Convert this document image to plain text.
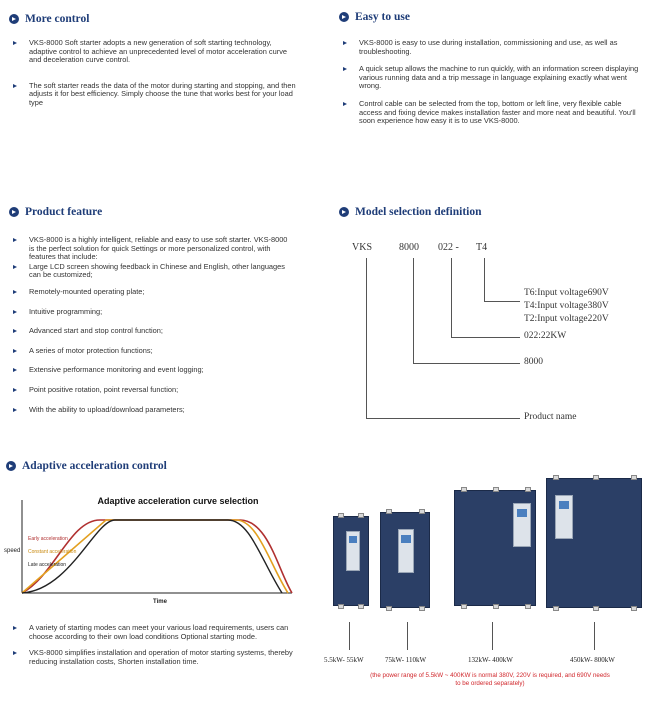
More control
VKS-8000 Soft starter adopts a new generation of soft starting technology, adaptive control to achieve an unprecedented level of motor acceleration curve and deceleration curve control.
The soft starter reads the data of the motor during starting and stopping, and then adjusts it for best efficiency. Simply choose the tune that works best for your load type
Easy to use
VKS-8000 is easy to use during installation, commissioning and use, as well as troubleshooting.
A quick setup allows the machine to run quickly, with an information screen displaying various running data and a trip message in language explaining exactly what went wrong.
Control cable can be selected from the top, bottom or left line, very flexible cable access and fixing device makes installation faster and more neat and beautiful. You'll soon experience how easy it is to use VKS-8000.
Product feature
VKS-8000 is a highly intelligent, reliable and easy to use soft starter. VKS-8000 is the perfect solution for quick Settings or more personalized control, with features that include:
Large LCD screen showing feedback in Chinese and English, other languages can be customized;
Remotely-mounted operating plate;
Intuitive programming;
Advanced start and stop control function;
A series of motor protection functions;
Extensive performance monitoring and event logging;
Point positive rotation, point reversal function;
With the ability to upload/download parameters;
Model selection definition
VKS	8000 022 - T4
T6:Input voltage690V
T4:Input voltage380V
T2:Input voltage220V
022:22KW
8000
Product name
Adaptive acceleration control
Adaptive acceleration curve selection
speed
Time
Early acceleration
Constant acceleration
Late acceleration
A variety of starting modes can meet your various load requirements, users can choose according to their own load conditions Optional starting mode.
VKS-8000 simplifies installation and operation of motor starting systems, thereby reducing installation costs, Shorten installation time.	5.5kW- 55kW	75kW- 110kW	132kW- 400kW	450kW- 800kW
(the power range of 5.5kW ~ 400KW is normal 380V, 220V is required, and 690V needs to be ordered separately)
